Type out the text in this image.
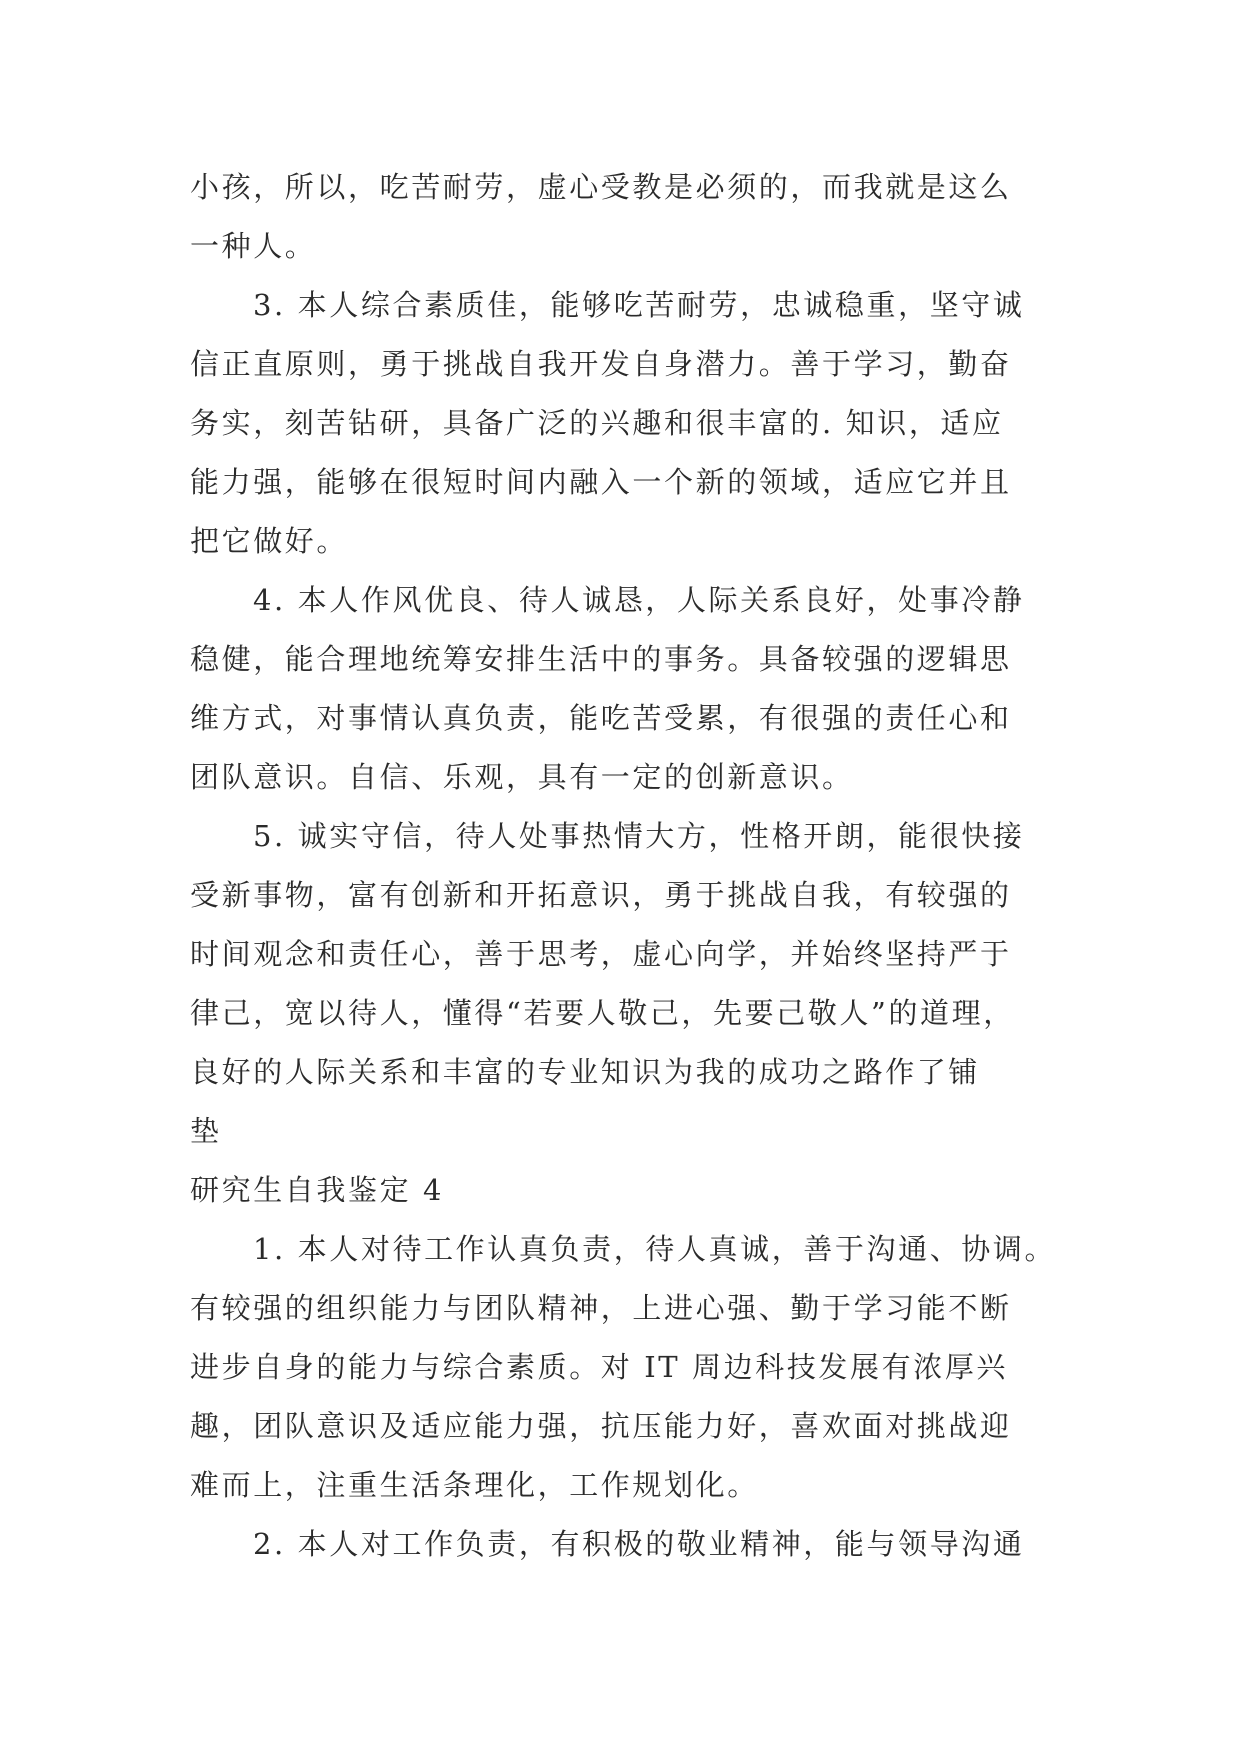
小孩，所以，吃苦耐劳，虚心受教是必须的，而我就是这么
一种人。
3. 本人综合素质佳，能够吃苦耐劳，忠诚稳重，坚守诚
信正直原则，勇于挑战自我开发自身潜力。善于学习，勤奋
务实，刻苦钻研，具备广泛的兴趣和很丰富的. 知识，适应
能力强，能够在很短时间内融入一个新的领域，适应它并且
把它做好。
4. 本人作风优良、待人诚恳，人际关系良好，处事冷静
稳健，能合理地统筹安排生活中的事务。具备较强的逻辑思
维方式，对事情认真负责，能吃苦受累，有很强的责任心和
团队意识。自信、乐观，具有一定的创新意识。
5. 诚实守信，待人处事热情大方，性格开朗，能很快接
受新事物，富有创新和开拓意识，勇于挑战自我，有较强的
时间观念和责任心，善于思考，虚心向学，并始终坚持严于
律己，宽以待人，懂得“若要人敬己，先要己敬人”的道理，
良好的人际关系和丰富的专业知识为我的成功之路作了铺
垫
研究生自我鉴定 4
1. 本人对待工作认真负责，待人真诚，善于沟通、协调。
有较强的组织能力与团队精神，上进心强、勤于学习能不断
进步自身的能力与综合素质。对 IT 周边科技发展有浓厚兴
趣，团队意识及适应能力强，抗压能力好，喜欢面对挑战迎
难而上，注重生活条理化，工作规划化。
2. 本人对工作负责，有积极的敬业精神，能与领导沟通
